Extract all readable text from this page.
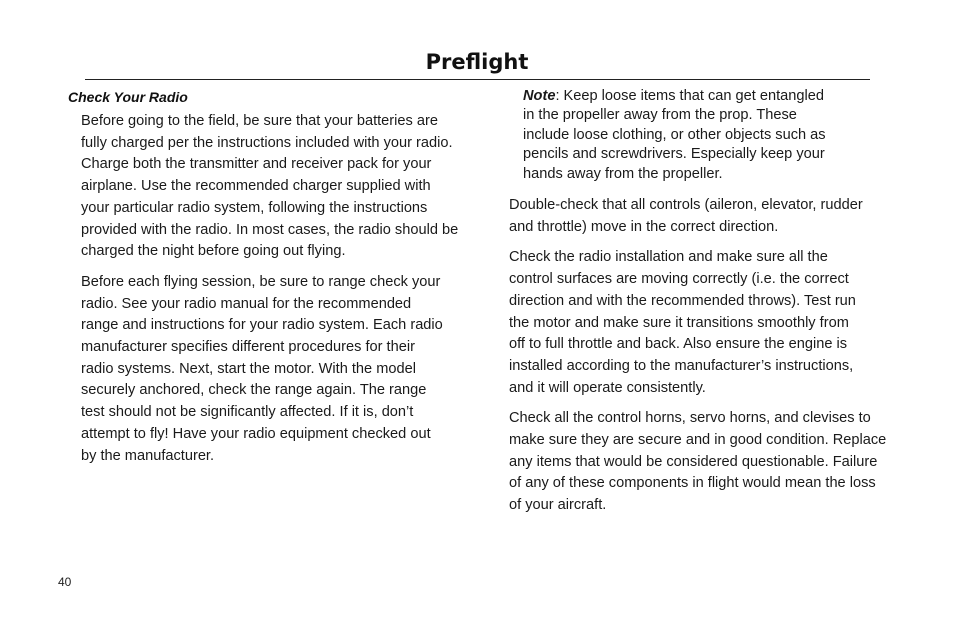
Preflight
Check Your Radio

Before going to the field, be sure that your batteries are
fully charged per the instructions included with your radio.
Charge both the transmitter and receiver pack for your
airplane. Use the recommended charger supplied with
your particular radio system, following the instructions
provided with the radio. In most cases, the radio should be
charged the night before going out flying.

Before each flying session, be sure to range check your
radio. See your radio manual for the recommended
range and instructions for your radio system. Each radio
manufacturer specifies different procedures for their
radio systems. Next, start the motor. With the model
securely anchored, check the range again. The range
test should not be significantly affected. If it is, don’t
attempt to fly! Have your radio equipment checked out
by the manufacturer.

Note: Keep loose items that can get entangled
in the propeller away from the prop. These
include loose clothing, or other objects such as
pencils and screwdrivers. Especially keep your
hands away from the propeller.

Double-check that all controls (aileron, elevator, rudder
and throttle) move in the correct direction.

Check the radio installation and make sure all the
control surfaces are moving correctly (i.e. the correct
direction and with the recommended throws). Test run
the motor and make sure it transitions smoothly from
off to full throttle and back. Also ensure the engine is
installed according to the manufacturer’s instructions,
and it will operate consistently.

Check all the control horns, servo horns, and clevises to
make sure they are secure and in good condition. Replace
any items that would be considered questionable. Failure
of any of these components in flight would mean the loss
of your aircraft.

40
